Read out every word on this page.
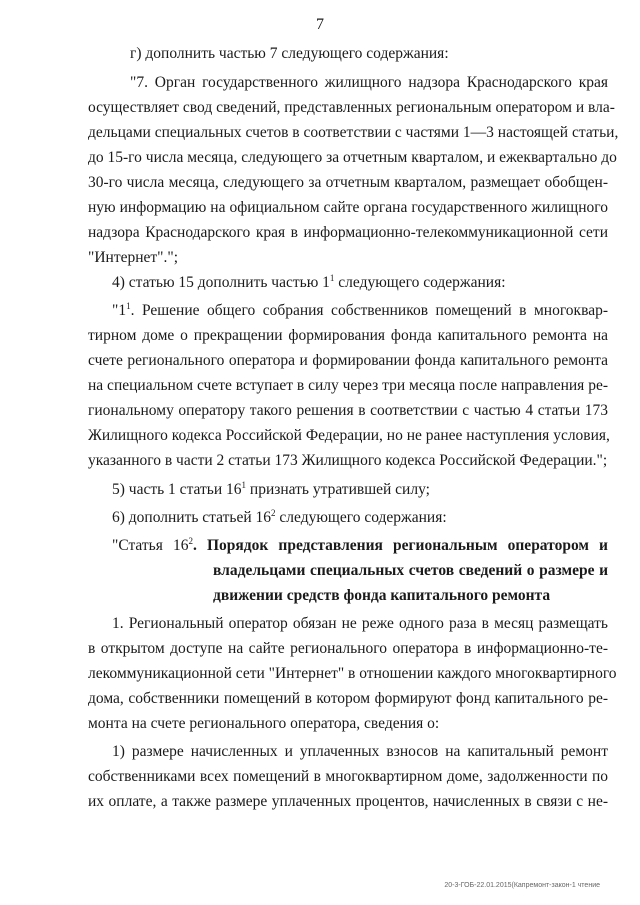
7
г) дополнить частью 7 следующего содержания:
"7. Орган государственного жилищного надзора Краснодарского края
осуществляет свод сведений, представленных региональным оператором и вла-
дельцами специальных счетов в соответствии с частями 1—3 настоящей статьи,
до 15-го числа месяца, следующего за отчетным кварталом, и ежеквартально до
30-го числа месяца, следующего за отчетным кварталом, размещает обобщен-
ную информацию на официальном сайте органа государственного жилищного
надзора Краснодарского края в информационно-телекоммуникационной сети
"Интернет".";
4) статью 15 дополнить частью $1^1$ следующего содержания:
"$1^1$. Решение общего собрания собственников помещений в многоквар-
тирном доме о прекращении формирования фонда капитального ремонта на
счете регионального оператора и формировании фонда капитального ремонта
на специальном счете вступает в силу через три месяца после направления ре-
гиональному оператору такого решения в соответствии с частью 4 статьи 173
Жилищного кодекса Российской Федерации, но не ранее наступления условия,
указанного в части 2 статьи 173 Жилищного кодекса Российской Федерации.";
5) часть 1 статьи $16^1$ признать утратившей силу;
6) дополнить статьей $16^2$ следующего содержания:
"Статья $16^2$. Порядок представления региональным оператором и
владельцами специальных счетов сведений о размере и
движении средств фонда капитального ремонта
1. Региональный оператор обязан не реже одного раза в месяц размещать
в открытом доступе на сайте регионального оператора в информационно-те-
лекоммуникационной сети "Интернет" в отношении каждого многоквартирного
дома, собственники помещений в котором формируют фонд капитального ре-
монта на счете регионального оператора, сведения о:
1) размере начисленных и уплаченных взносов на капитальный ремонт
собственниками всех помещений в многоквартирном доме, задолженности по
их оплате, а также размере уплаченных процентов, начисленных в связи с не-
20-3-ГОБ-22.01.2015(Капремонт-закон-1 чтение
